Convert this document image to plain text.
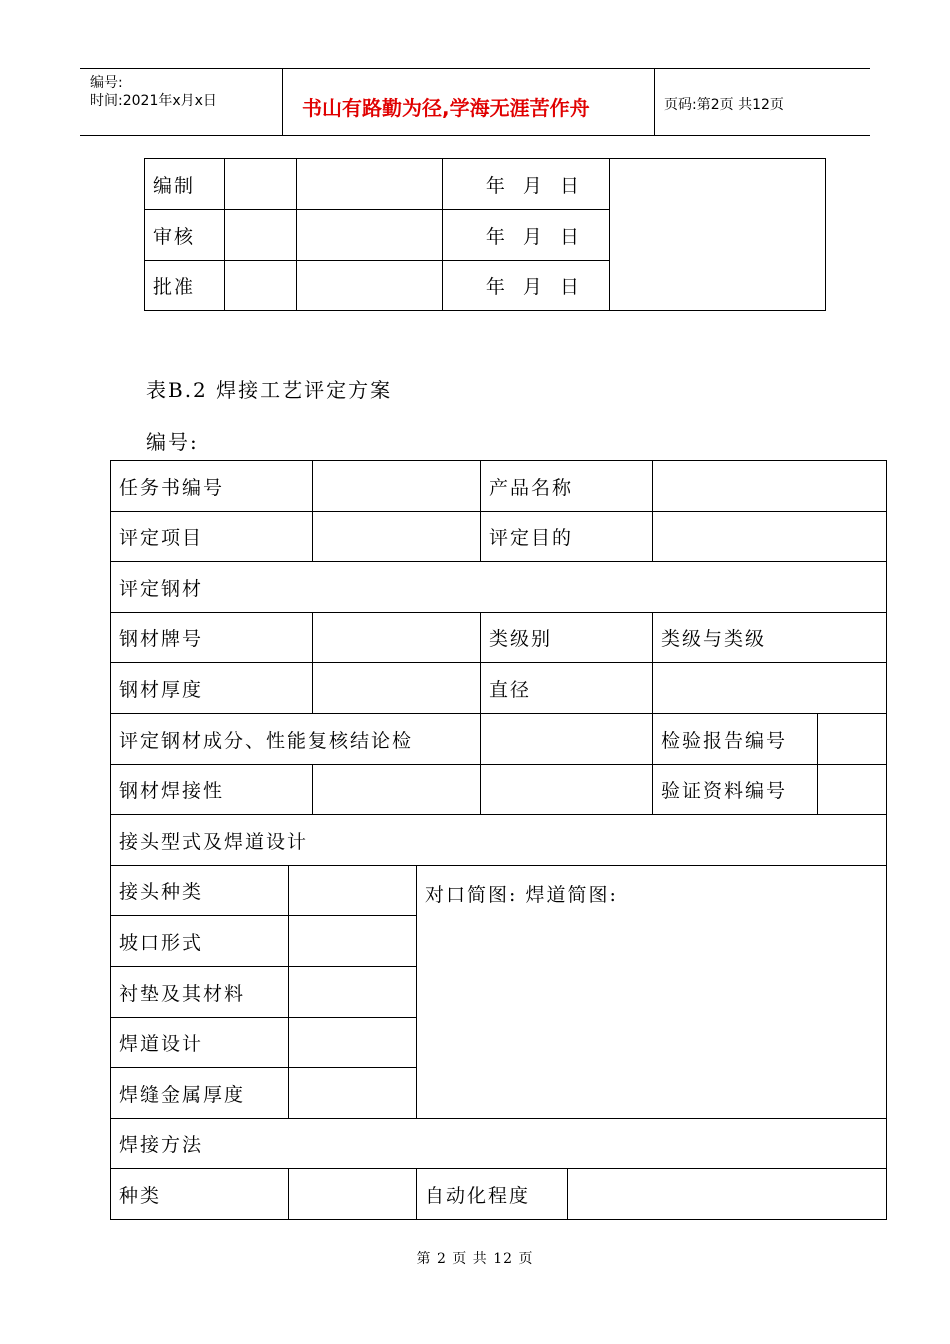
编号:
时间:2021年x月x日	书山有路勤为径,学海无涯苦作舟	页码:第2页 共12页
编制			年  月  日	
审核			年  月  日	
批准			年  月  日	
表B.2 焊接工艺评定方案
编号:
任务书编号				产品名称			
评定项目				评定目的			
评定钢材							
钢材牌号				类级别		类级与类级	
钢材厚度				直径			
评定钢材成分、性能复核结论检						检验报告编号	
钢材焊接性						验证资料编号	
接头型式及焊道设计							
接头种类			对口简图: 焊道简图:				
坡口形式							
衬垫及其材料							
焊道设计							
焊缝金属厚度							
焊接方法							
种类			自动化程度				
第 2 页 共 12 页
